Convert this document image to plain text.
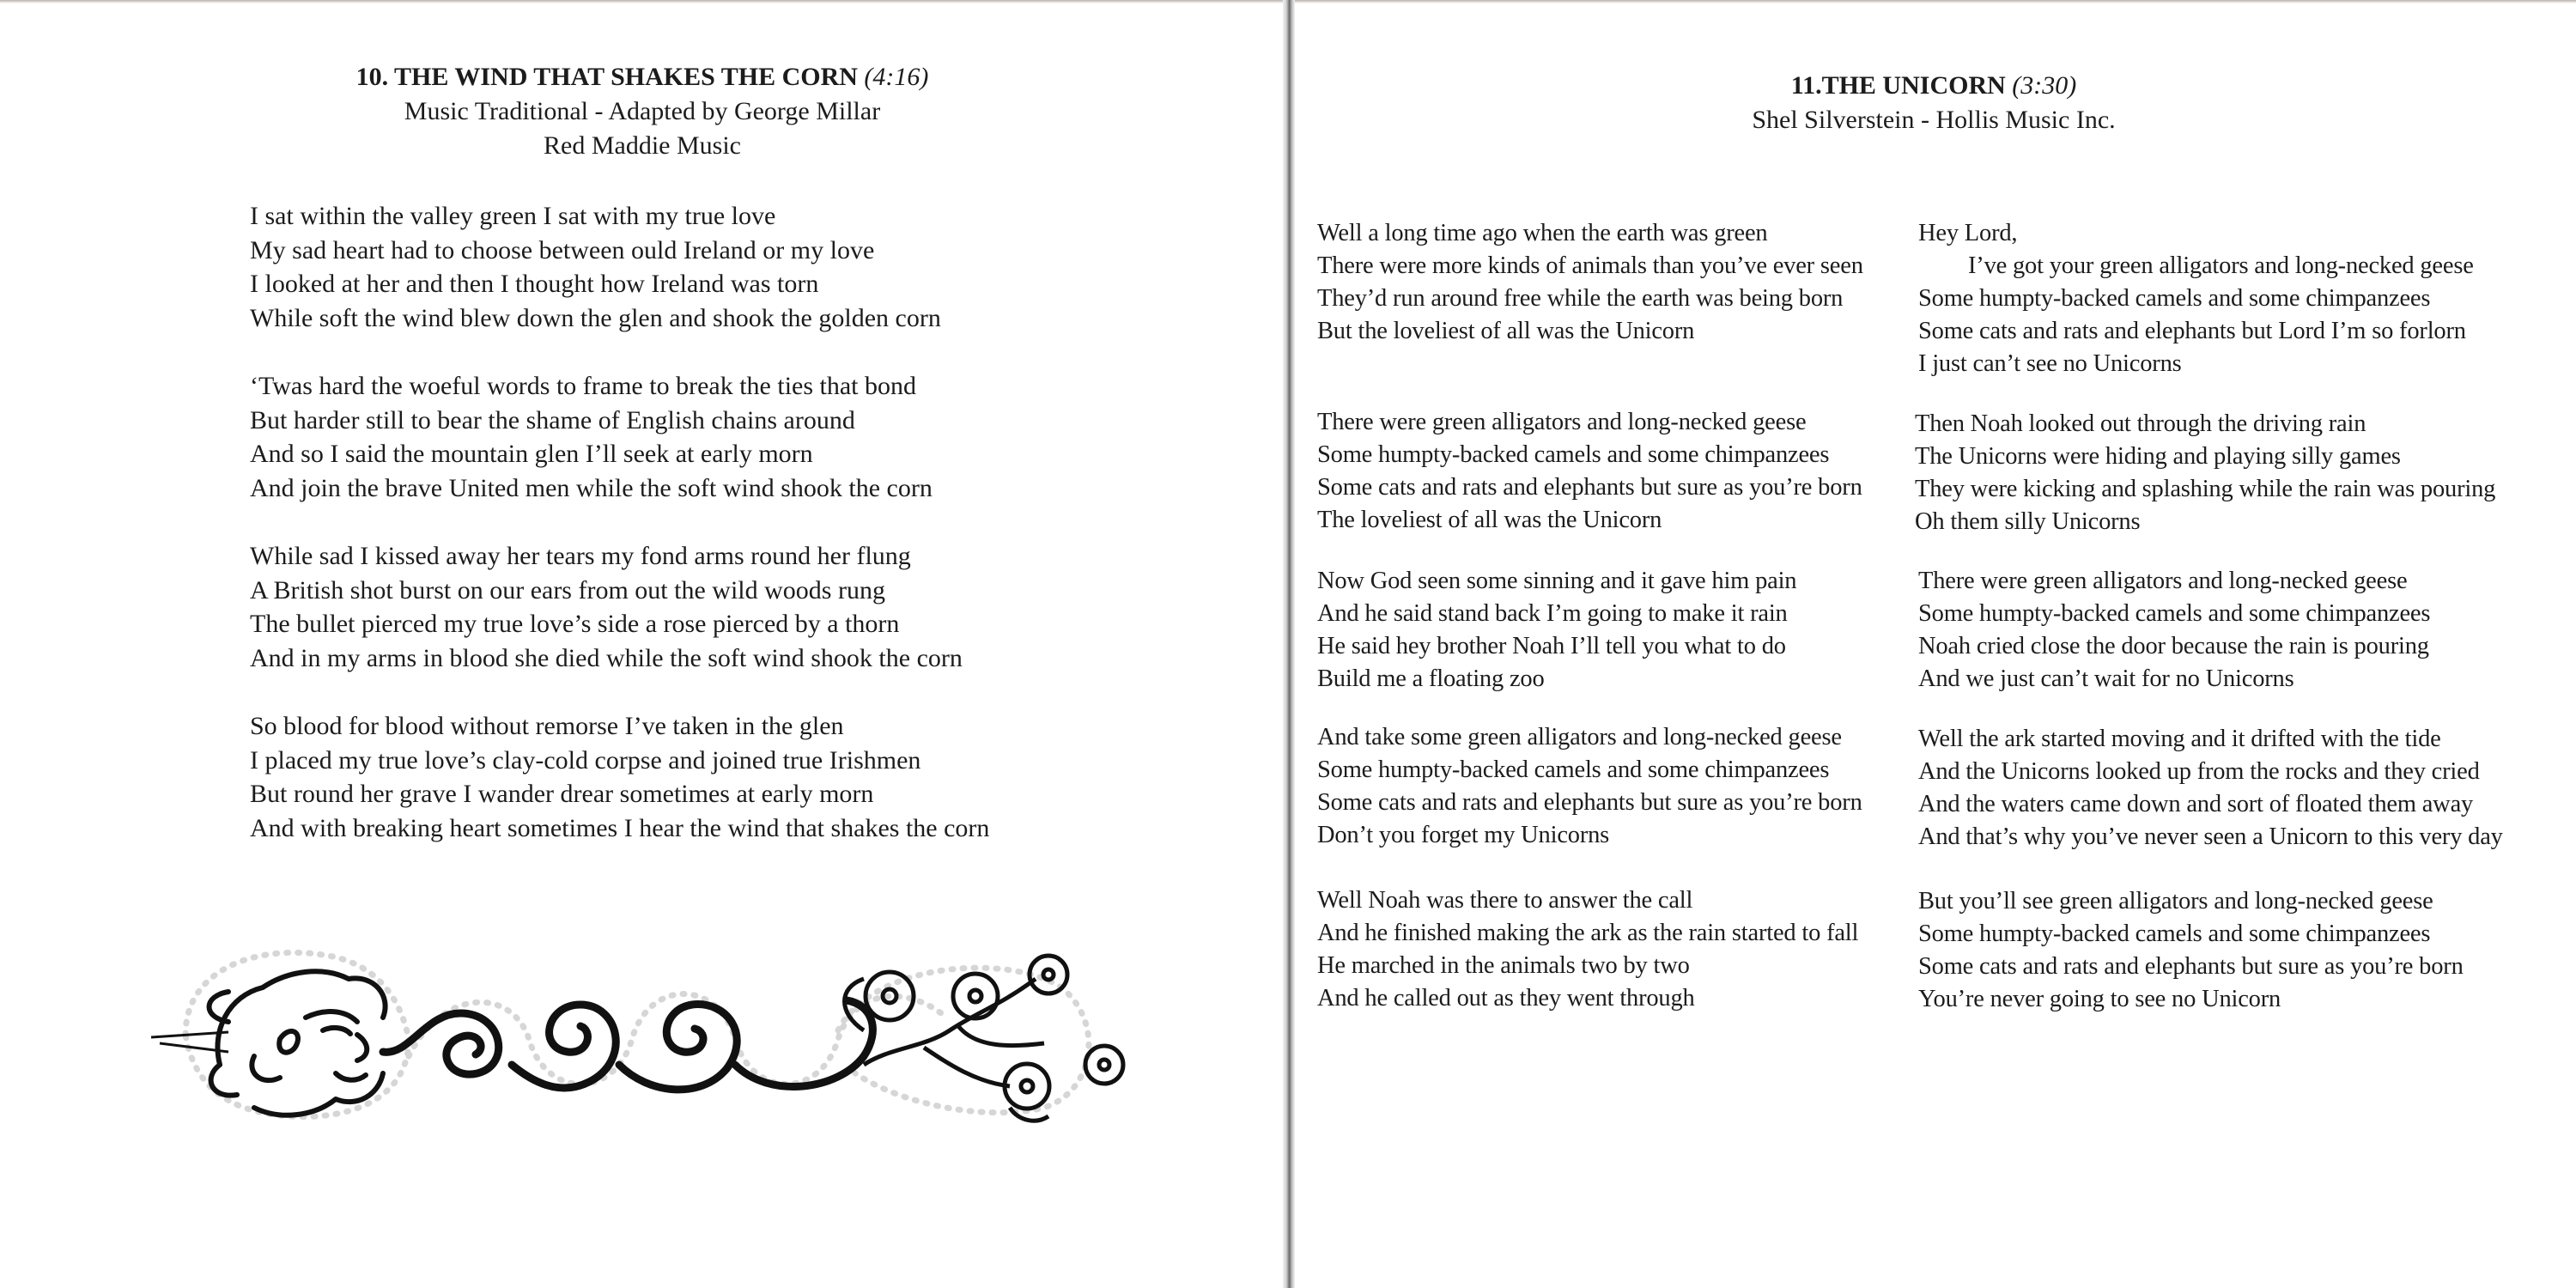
10. THE WIND THAT SHAKES THE CORN (4:16)
Music Traditional - Adapted by George Millar
Red Maddie Music
I sat within the valley green I sat with my true love
My sad heart had to choose between ould Ireland or my love
I looked at her and then I thought how Ireland was torn
While soft the wind blew down the glen and shook the golden corn
‘Twas hard the woeful words to frame to break the ties that bond
But harder still to bear the shame of English chains around
And so I said the mountain glen I’ll seek at early morn
And join the brave United men while the soft wind shook the corn
While sad I kissed away her tears my fond arms round her flung
A British shot burst on our ears from out the wild woods rung
The bullet pierced my true love’s side a rose pierced by a thorn
And in my arms in blood she died while the soft wind shook the corn
So blood for blood without remorse I’ve taken in the glen
I placed my true love’s clay-cold corpse and joined true Irishmen
But round her grave I wander drear sometimes at early morn
And with breaking heart sometimes I hear the wind that shakes the corn
11.THE UNICORN (3:30)
Shel Silverstein - Hollis Music Inc.
Well a long time ago when the earth was green
There were more kinds of animals than you’ve ever seen
They’d run around free while the earth was being born
But the loveliest of all was the Unicorn
There were green alligators and long-necked geese
Some humpty-backed camels and some chimpanzees
Some cats and rats and elephants but sure as you’re born
The loveliest of all was the Unicorn
Now God seen some sinning and it gave him pain
And he said stand back I’m going to make it rain
He said hey brother Noah I’ll tell you what to do
Build me a floating zoo
And take some green alligators and long-necked geese
Some humpty-backed camels and some chimpanzees
Some cats and rats and elephants but sure as you’re born
Don’t you forget my Unicorns
Well Noah was there to answer the call
And he finished making the ark as the rain started to fall
He marched in the animals two by two
And he called out as they went through
Hey Lord,
I’ve got your green alligators and long-necked geese
Some humpty-backed camels and some chimpanzees
Some cats and rats and elephants but Lord I’m so forlorn
I just can’t see no Unicorns
Then Noah looked out through the driving rain
The Unicorns were hiding and playing silly games
They were kicking and splashing while the rain was pouring
Oh them silly Unicorns
There were green alligators and long-necked geese
Some humpty-backed camels and some chimpanzees
Noah cried close the door because the rain is pouring
And we just can’t wait for no Unicorns
Well the ark started moving and it drifted with the tide
And the Unicorns looked up from the rocks and they cried
And the waters came down and sort of floated them away
And that’s why you’ve never seen a Unicorn to this very day
But you’ll see green alligators and long-necked geese
Some humpty-backed camels and some chimpanzees
Some cats and rats and elephants but sure as you’re born
You’re never going to see no Unicorn
